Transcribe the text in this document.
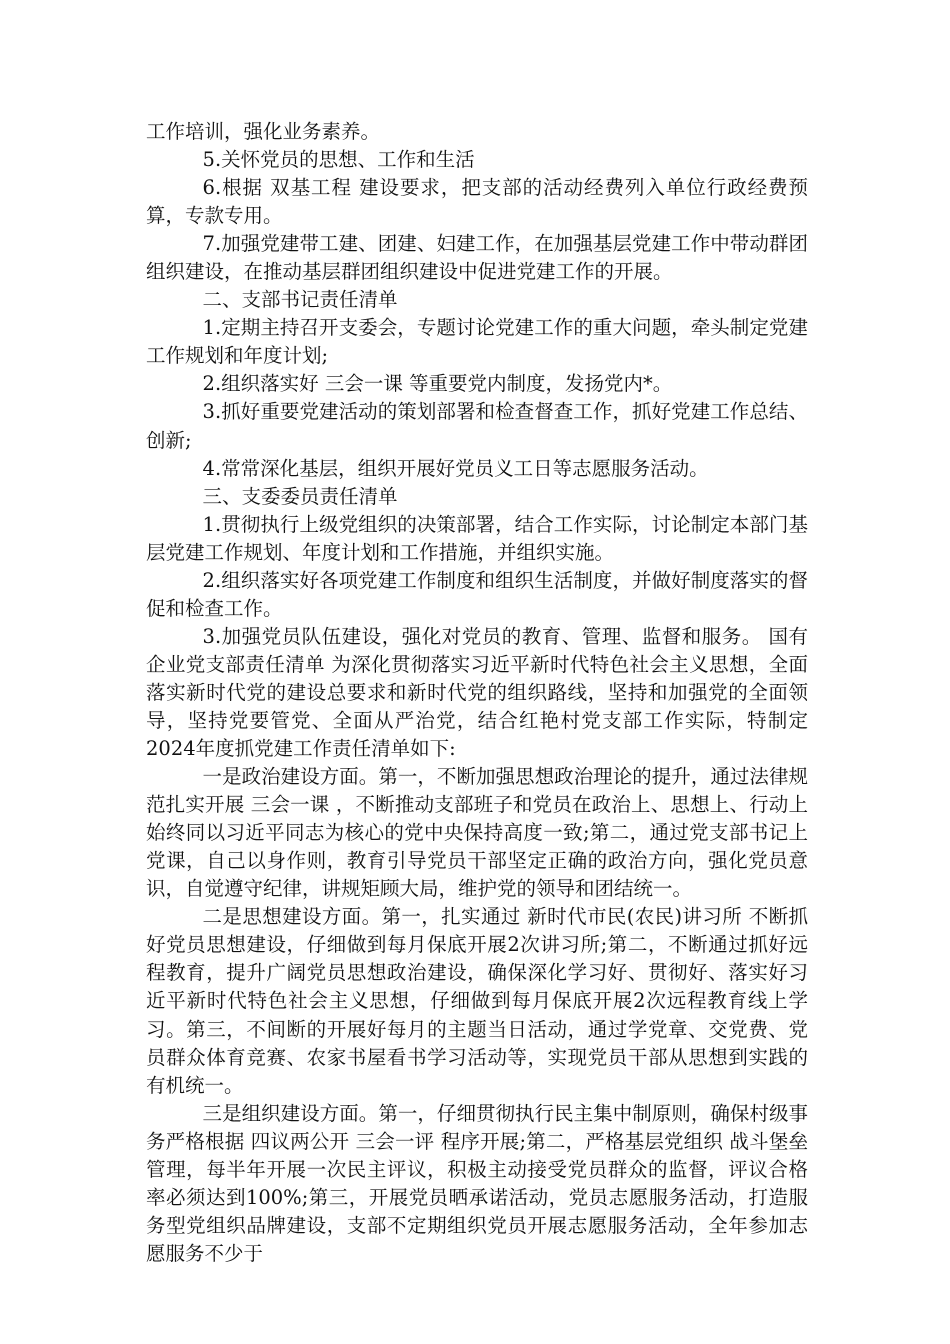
工作培训，强化业务素养。

5.关怀党员的思想、工作和生活

6.根据 双基工程 建设要求，把支部的活动经费列入单位行政经费预算，专款专用。

7.加强党建带工建、团建、妇建工作，在加强基层党建工作中带动群团组织建设，在推动基层群团组织建设中促进党建工作的开展。

二、支部书记责任清单

1.定期主持召开支委会，专题讨论党建工作的重大问题，牵头制定党建工作规划和年度计划;

2.组织落实好 三会一课 等重要党内制度，发扬党内*。

3.抓好重要党建活动的策划部署和检查督查工作，抓好党建工作总结、创新;

4.常常深化基层，组织开展好党员义工日等志愿服务活动。

三、支委委员责任清单

1.贯彻执行上级党组织的决策部署，结合工作实际，讨论制定本部门基层党建工作规划、年度计划和工作措施，并组织实施。

2.组织落实好各项党建工作制度和组织生活制度，并做好制度落实的督促和检查工作。

3.加强党员队伍建设，强化对党员的教育、管理、监督和服务。 国有企业党支部责任清单 为深化贯彻落实习近平新时代特色社会主义思想，全面落实新时代党的建设总要求和新时代党的组织路线，坚持和加强党的全面领导，坚持党要管党、全面从严治党，结合红艳村党支部工作实际，特制定2024年度抓党建工作责任清单如下:

一是政治建设方面。第一，不断加强思想政治理论的提升，通过法律规范扎实开展 三会一课 ，不断推动支部班子和党员在政治上、思想上、行动上始终同以习近平同志为核心的党中央保持高度一致;第二，通过党支部书记上党课，自己以身作则，教育引导党员干部坚定正确的政治方向，强化党员意识，自觉遵守纪律，讲规矩顾大局，维护党的领导和团结统一。

二是思想建设方面。第一，扎实通过 新时代市民(农民)讲习所 不断抓好党员思想建设，仔细做到每月保底开展2次讲习所;第二，不断通过抓好远程教育，提升广阔党员思想政治建设，确保深化学习好、贯彻好、落实好习近平新时代特色社会主义思想，仔细做到每月保底开展2次远程教育线上学习。第三，不间断的开展好每月的主题当日活动，通过学党章、交党费、党员群众体育竞赛、农家书屋看书学习活动等，实现党员干部从思想到实践的有机统一。

三是组织建设方面。第一，仔细贯彻执行民主集中制原则，确保村级事务严格根据 四议两公开 三会一评 程序开展;第二，严格基层党组织 战斗堡垒 管理，每半年开展一次民主评议，积极主动接受党员群众的监督，评议合格率必须达到100%;第三，开展党员晒承诺活动，党员志愿服务活动，打造服务型党组织品牌建设，支部不定期组织党员开展志愿服务活动，全年参加志愿服务不少于
